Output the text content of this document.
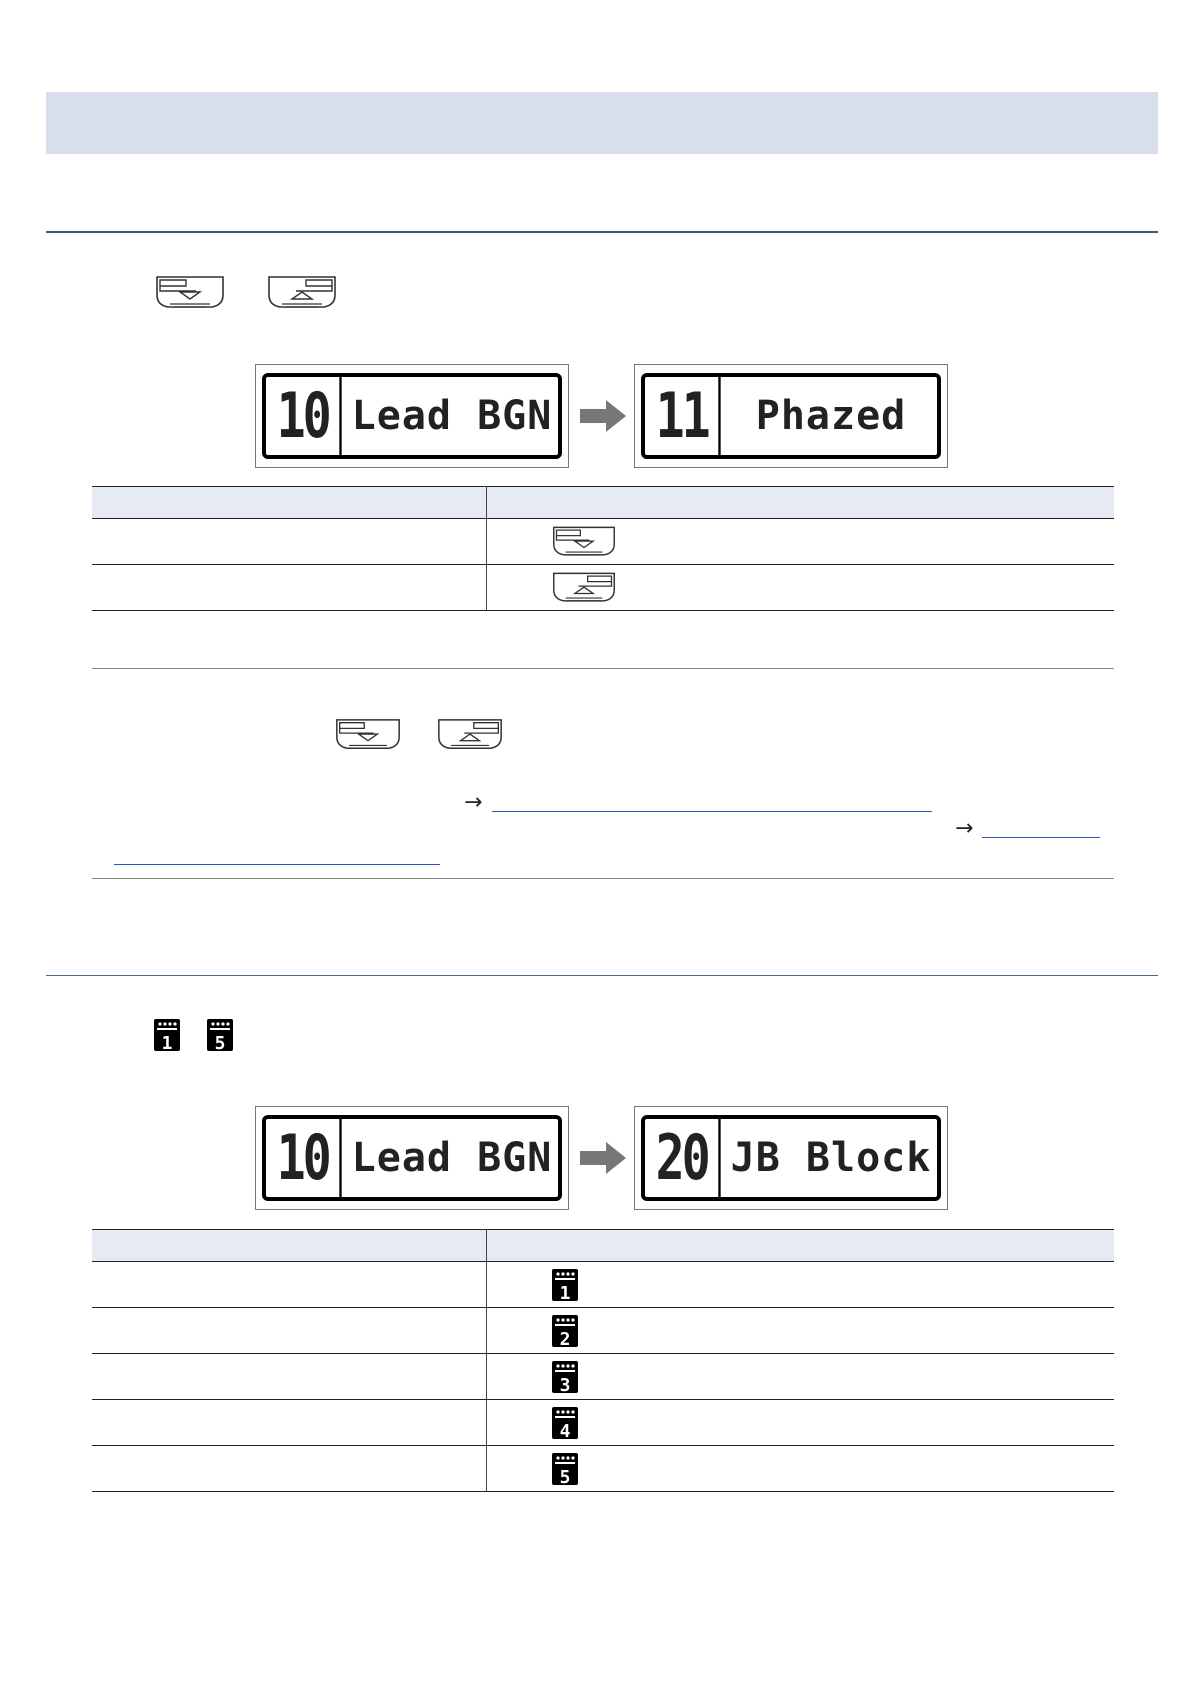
10 Lead BGN 11	Phazed

→
→
1 5
10 Lead BGN 20 JB Block

1

2

3

4

5
